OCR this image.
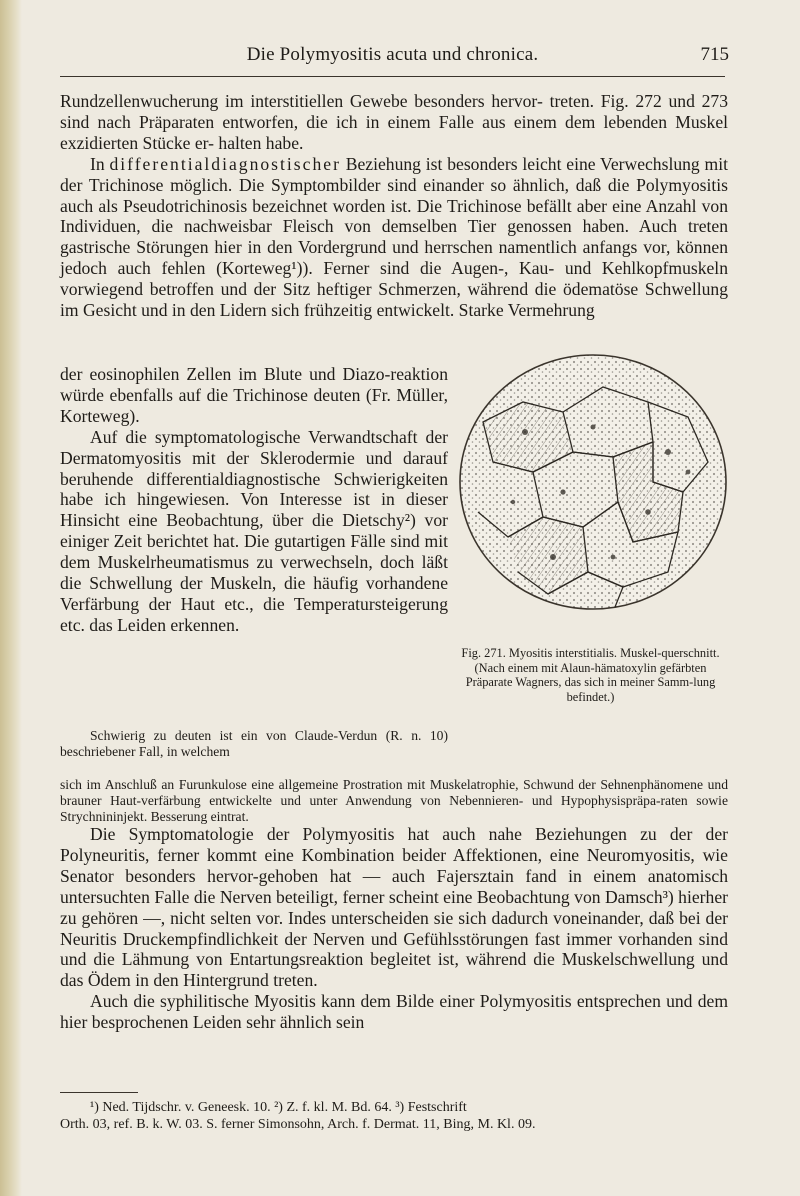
Die Polymyositis acuta und chronica.	715

Rundzellenwucherung im interstitiellen Gewebe besonders hervor- treten. Fig. 272 und 273 sind nach Präparaten entworfen, die ich in einem Falle aus einem dem lebenden Muskel exzidierten Stücke er- halten habe.

In differentialdiagnostischer Beziehung ist besonders leicht eine Verwechslung mit der Trichinose möglich. Die Symptombilder sind einander so ähnlich, daß die Polymyositis auch als Pseudotrichinosis bezeichnet worden ist. Die Trichinose befällt aber eine Anzahl von Individuen, die nachweisbar Fleisch von demselben Tier genossen haben. Auch treten gastrische Störungen hier in den Vordergrund und herrschen namentlich anfangs vor, können jedoch auch fehlen (Korteweg¹)). Ferner sind die Augen-, Kau- und Kehlkopfmuskeln vorwiegend betroffen und der Sitz heftiger Schmerzen, während die ödematöse Schwellung im Gesicht und in den Lidern sich frühzeitig entwickelt. Starke Vermehrung

der eosinophilen Zellen im Blute und Diazo-reaktion würde ebenfalls auf die Trichinose deuten (Fr. Müller, Korteweg).

Auf die symptomatologische Verwandtschaft der Dermatomyositis mit der Sklerodermie und darauf beruhende differentialdiagnostische Schwierigkeiten habe ich hingewiesen. Von Interesse ist in dieser Hinsicht eine Beobachtung, über die Dietschy²) vor einiger Zeit berichtet hat. Die gutartigen Fälle sind mit dem Muskelrheumatismus zu verwechseln, doch läßt die Schwellung der Muskeln, die häufig vorhandene Verfärbung der Haut etc., die Temperatursteigerung etc. das Leiden erkennen.

Schwierig zu deuten ist ein von Claude-Verdun (R. n. 10) beschriebener Fall, in welchem

sich im Anschluß an Furunkulose eine allgemeine Prostration mit Muskelatrophie, Schwund der Sehnenphänomene und brauner Haut-verfärbung entwickelte und unter Anwendung von Nebennieren- und Hypophysispräpa-raten sowie Strychnininjekt. Besserung eintrat.

Fig. 271. Myositis interstitialis. Muskel-querschnitt. (Nach einem mit Alaun-hämatoxylin gefärbten Präparate Wagners, das sich in meiner Samm-lung befindet.)

Die Symptomatologie der Polymyositis hat auch nahe Beziehungen zu der der Polyneuritis, ferner kommt eine Kombination beider Affektionen, eine Neuromyositis, wie Senator besonders hervor-gehoben hat — auch Fajersztain fand in einem anatomisch untersuchten Falle die Nerven beteiligt, ferner scheint eine Beobachtung von Damsch³) hierher zu gehören —, nicht selten vor. Indes unterscheiden sie sich dadurch voneinander, daß bei der Neuritis Druckempfindlichkeit der Nerven und Gefühlsstörungen fast immer vorhanden sind und die Lähmung von Entartungsreaktion begleitet ist, während die Muskelschwellung und das Ödem in den Hintergrund treten.

Auch die syphilitische Myositis kann dem Bilde einer Polymyositis entsprechen und dem hier besprochenen Leiden sehr ähnlich sein

¹) Ned. Tijdschr. v. Geneesk. 10. ²) Z. f. kl. M. Bd. 64. ³) Festschrift

Orth. 03, ref. B. k. W. 03. S. ferner Simonsohn, Arch. f. Dermat. 11, Bing, M. Kl. 09.
